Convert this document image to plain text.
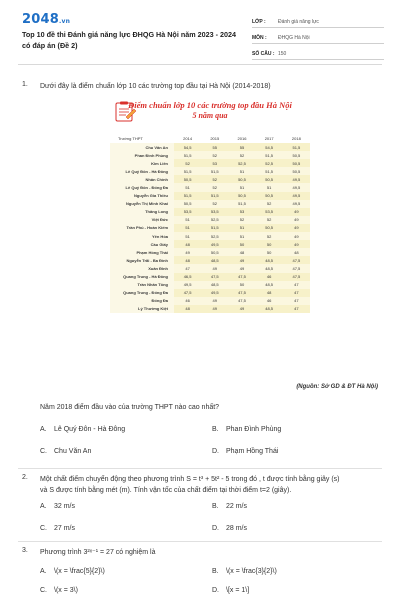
2048.vn
Top 10 đề thi Đánh giá năng lực ĐHQG Hà Nội năm 2023 - 2024 có đáp án (Đề 2)
LỚP :	Đánh giá năng lực
MÔN :	ĐHQG Hà Nội
SỐ CÂU : 150
1. Dưới đây là điểm chuẩn lớp 10 các trường top đầu tại Hà Nội (2014-2018)
Điểm chuẩn lớp 10 các trường top đầu Hà Nội
5 năm qua
Trường THPT	2014	2015	2016	2017	2018
Chu Văn An	54,5	55	55	54,5	51,5
Phan Đình Phùng	51,5	52	52	51,5	50,5
Kim Liên	52	53	52,5	52,5	50,5
Lê Quý Đôn - Hà Đông	51,5	51,5	51	51,5	50,5
Nhân Chính	50,5	52	50,5	50,5	49,5
Lê Quý Đôn - Đống Đa	51	52	51	51	49,5
Nguyễn Gia Thiều	51,5	51,5	50,5	50,5	49,5
Nguyễn Thị Minh Khai	50,5	52	51,5	52	49,5
Thăng Long	53,5	53,5	53	53,5	49
Việt Đức	51	52,5	52	52	49
Trần Phú - Hoàn Kiếm	51	51,5	51	50,5	49
Yên Hòa	51	52,5	51	52	49
Cầu Giấy	48	49,5	50	50	49
Phạm Hồng Thái	49	50,5	48	50	48
Nguyễn Trãi - Ba Đình	48	48,5	49	48,5	47,5
Xuân Đỉnh	47	49	49	48,5	47,5
Quang Trung - Hà Đông	46,5	47,5	47,5	46	47,5
Trần Nhân Tông	49,5	48,5	50	48,5	47
Quang Trung - Đống Đa	47,5	49,5	47,5	48	47
Đống Đa	46	49	47,5	46	47
Lý Thường Kiệt	48	49	49	48,5	47
(Nguồn: Sở GD & ĐT Hà Nội)
Năm 2018 điểm đầu vào của trường THPT nào cao nhất?
A. Lê Quý Đôn - Hà Đông	B. Phan Đình Phùng
C. Chu Văn An	D. Phạm Hồng Thái
2. Một chất điểm chuyển động theo phương trình S = t³ + 5t² - 5 trong đó , t được tính bằng giây (s)
và S được tính bằng mét (m). Tính vận tốc của chất điểm tại thời điểm t=2 (giây).
A. 32 m/s	B. 22 m/s
C. 27 m/s	D. 28 m/s
3. Phương trình 3²ˣ⁻¹ = 27 có nghiệm là
A. \(x = \frac{5}{2}\)	B. \(x = \frac{3}{2}\)
C. \(x = 3\)	D. \[x = 1\]
